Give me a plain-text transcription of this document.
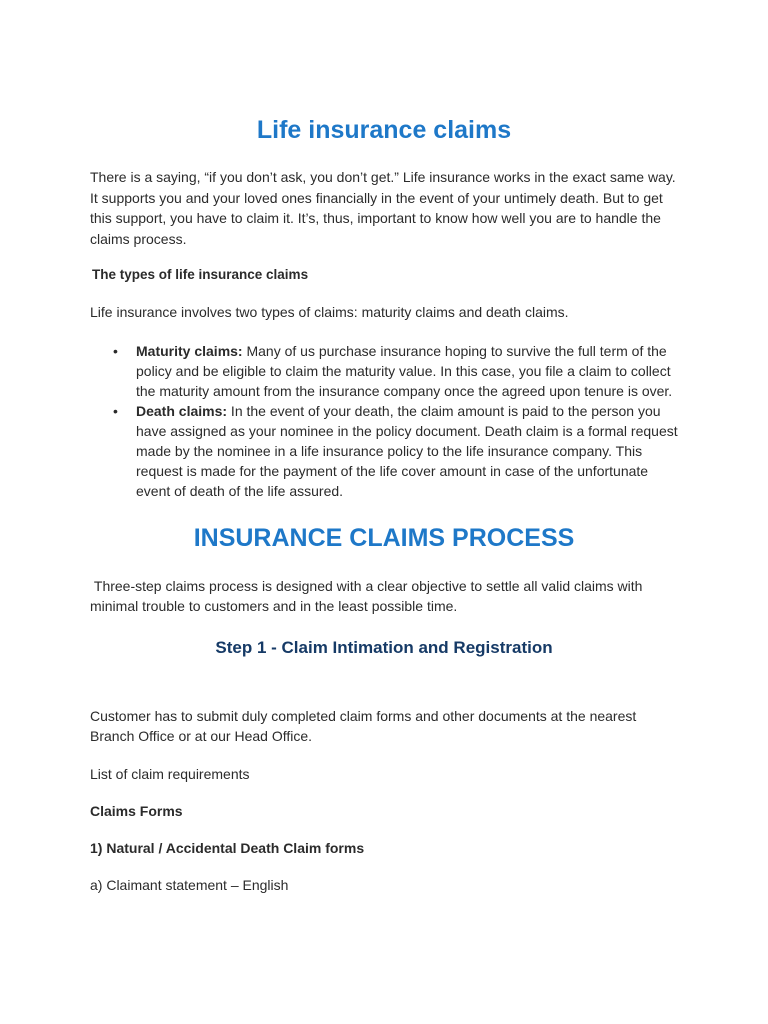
Life insurance claims

There is a saying, “if you don’t ask, you don’t get.” Life insurance works in the exact same way. It supports you and your loved ones financially in the event of your untimely death. But to get this support, you have to claim it. It’s, thus, important to know how well you are to handle the claims process.

The types of life insurance claims

Life insurance involves two types of claims: maturity claims and death claims.

• Maturity claims: Many of us purchase insurance hoping to survive the full term of the policy and be eligible to claim the maturity value. In this case, you file a claim to collect the maturity amount from the insurance company once the agreed upon tenure is over.
• Death claims: In the event of your death, the claim amount is paid to the person you have assigned as your nominee in the policy document. Death claim is a formal request made by the nominee in a life insurance policy to the life insurance company. This request is made for the payment of the life cover amount in case of the unfortunate event of death of the life assured.
INSURANCE CLAIMS PROCESS

Three-step claims process is designed with a clear objective to settle all valid claims with minimal trouble to customers and in the least possible time.

Step 1 - Claim Intimation and Registration

Customer has to submit duly completed claim forms and other documents at the nearest Branch Office or at our Head Office.

List of claim requirements

Claims Forms

1) Natural / Accidental Death Claim forms

a) Claimant statement – English
